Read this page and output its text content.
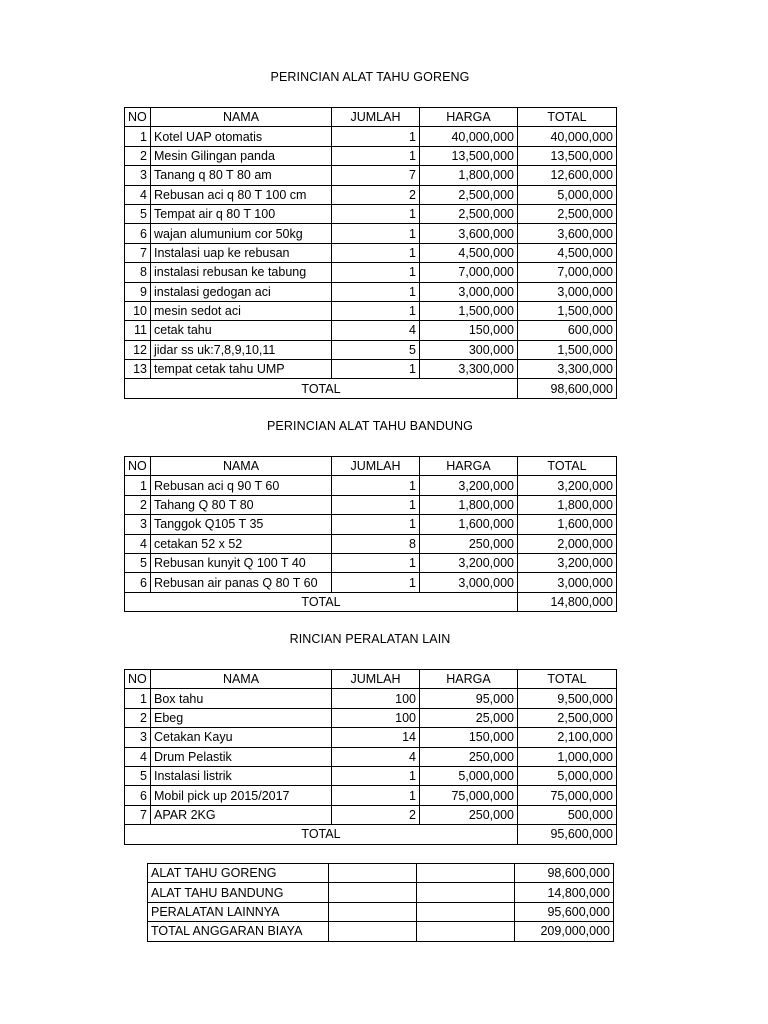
PERINCIAN ALAT TAHU GORENG
NO	NAMA	JUMLAH	HARGA	TOTAL
1	Kotel UAP otomatis	1	40,000,000	40,000,000
2	Mesin Gilingan panda	1	13,500,000	13,500,000
3	Tanang q 80 T 80 am	7	1,800,000	12,600,000
4	Rebusan aci q 80 T 100 cm	2	2,500,000	5,000,000
5	Tempat air q 80 T 100	1	2,500,000	2,500,000
6	wajan alumunium cor 50kg	1	3,600,000	3,600,000
7	Instalasi uap ke rebusan	1	4,500,000	4,500,000
8	instalasi rebusan ke tabung	1	7,000,000	7,000,000
9	instalasi gedogan aci	1	3,000,000	3,000,000
10	mesin sedot aci	1	1,500,000	1,500,000
11	cetak tahu	4	150,000	600,000
12	jidar ss uk:7,8,9,10,11	5	300,000	1,500,000
13	tempat cetak tahu UMP	1	3,300,000	3,300,000
TOTAL				98,600,000
PERINCIAN ALAT TAHU BANDUNG
NO	NAMA	JUMLAH	HARGA	TOTAL
1	Rebusan aci q 90 T 60	1	3,200,000	3,200,000
2	Tahang Q 80 T 80	1	1,800,000	1,800,000
3	Tanggok Q105 T 35	1	1,600,000	1,600,000
4	cetakan 52 x 52	8	250,000	2,000,000
5	Rebusan kunyit Q 100 T 40	1	3,200,000	3,200,000
6	Rebusan air panas Q 80 T 60	1	3,000,000	3,000,000
TOTAL				14,800,000
RINCIAN PERALATAN LAIN
NO	NAMA	JUMLAH	HARGA	TOTAL
1	Box tahu	100	95,000	9,500,000
2	Ebeg	100	25,000	2,500,000
3	Cetakan Kayu	14	150,000	2,100,000
4	Drum Pelastik	4	250,000	1,000,000
5	Instalasi listrik	1	5,000,000	5,000,000
6	Mobil pick up 2015/2017	1	75,000,000	75,000,000
7	APAR 2KG	2	250,000	500,000
TOTAL				95,600,000
ALAT TAHU GORENG			98,600,000
ALAT TAHU BANDUNG			14,800,000
PERALATAN LAINNYA			95,600,000
TOTAL ANGGARAN BIAYA			209,000,000
